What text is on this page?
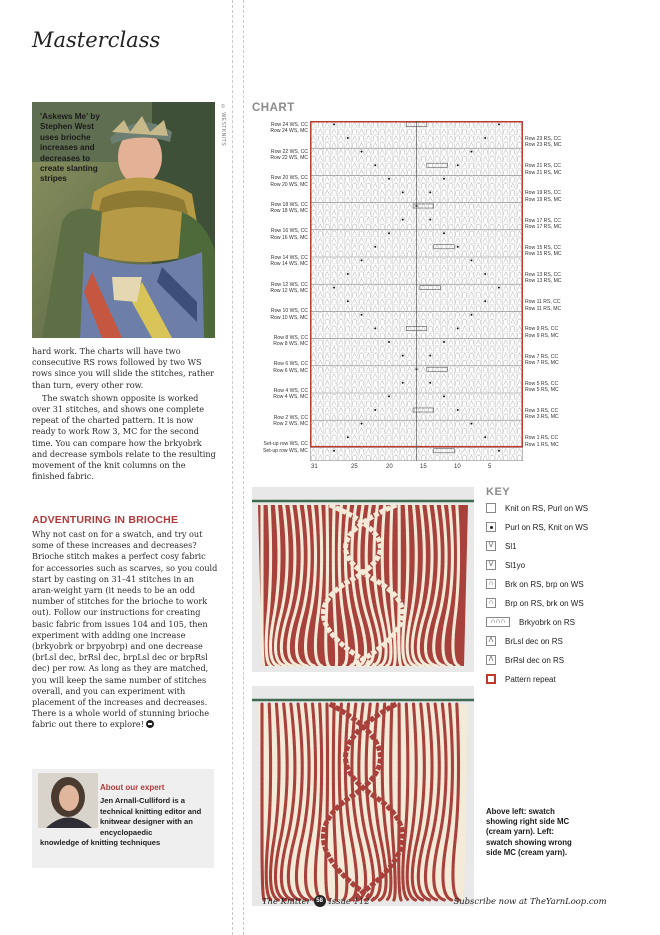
Masterclass
'Askews Me' by Stephen West uses brioche increases and decreases to create slanting stripes
© WESTKNITS

hard work. The charts will have two consecutive RS rows followed by two WS rows since you will slide the stitches, rather than turn, every other row.

The swatch shown opposite is worked over 31 stitches, and shows one complete repeat of the charted pattern. It is now ready to work Row 3, MC for the second time. You can compare how the brkyobrk and decrease symbols relate to the resulting movement of the knit columns on the finished fabric.

ADVENTURING IN BRIOCHE

Why not cast on for a swatch, and try out some of these increases and decreases? Brioche stitch makes a perfect cosy fabric for accessories such as scarves, so you could start by casting on 31–41 stitches in an aran-weight yarn (it needs to be an odd number of stitches for the brioche to work out). Follow our instructions for creating basic fabric from issues 104 and 105, then experiment with adding one increase (brkyobrk or brpyobrp) and one decrease (brLsl dec, brRsl dec, brpLsl dec or brpRsl dec) per row. As long as they are matched, you will keep the same number of stitches overall, and you can experiment with placement of the increases and decreases. There is a whole world of stunning brioche fabric out there to explore!

About our expert
Jen Arnall-Culliford is a technical knitting editor and knitwear designer with an encyclopaedic
knowledge of knitting techniques
CHART
Row 24 WS, CC
Row 24 WS, MC
Row 22 WS, CC
Row 22 WS, MC
Row 20 WS, CC
Row 20 WS, MC
Row 18 WS, CC
Row 18 WS, MC
Row 16 WS, CC
Row 16 WS, MC
Row 14 WS, CC
Row 14 WS, MC
Row 12 WS, CC
Row 12 WS, MC
Row 10 WS, CC
Row 10 WS, MC
Row 8 WS, CC
Row 8 WS, MC
Row 6 WS, CC
Row 6 WS, MC
Row 4 WS, CC
Row 4 WS, MC
Row 2 WS, CC
Row 2 WS, MC
Set-up row WS, CC
Set-up row WS, MC
Row 23 RS, CC
Row 23 RS, MC
Row 21 RS, CC
Row 21 RS, MC
Row 19 RS, CC
Row 19 RS, MC
Row 17 RS, CC
Row 17 RS, MC
Row 15 RS, CC
Row 15 RS, MC
Row 13 RS, CC
Row 13 RS, MC
Row 11 RS, CC
Row 11 RS, MC
Row 9 RS, CC
Row 9 RS, MC
Row 7 RS, CC
Row 7 RS, MC
Row 5 RS, CC
Row 5 RS, MC
Row 3 RS, CC
Row 3 RS, MC
Row 1 RS, CC
Row 1 RS, MC
31	25	20	15	10	5
KEY
Knit on RS, Purl on WS
Purl on RS, Knit on WS
V	Sl1
V	Sl1yo
∩	Brk on RS, brp on WS
∩	Brp on RS, brk on WS
∩∩∩	Brkyobrk on RS
Λ	BrLsl dec on RS
Λ	BrRsl dec on RS
Pattern repeat
Above left: swatch showing right side MC (cream yarn). Left: swatch showing wrong side MC (cream yarn).
The Knitter 58 Issue 112	Subscribe now at TheYarnLoop.com
